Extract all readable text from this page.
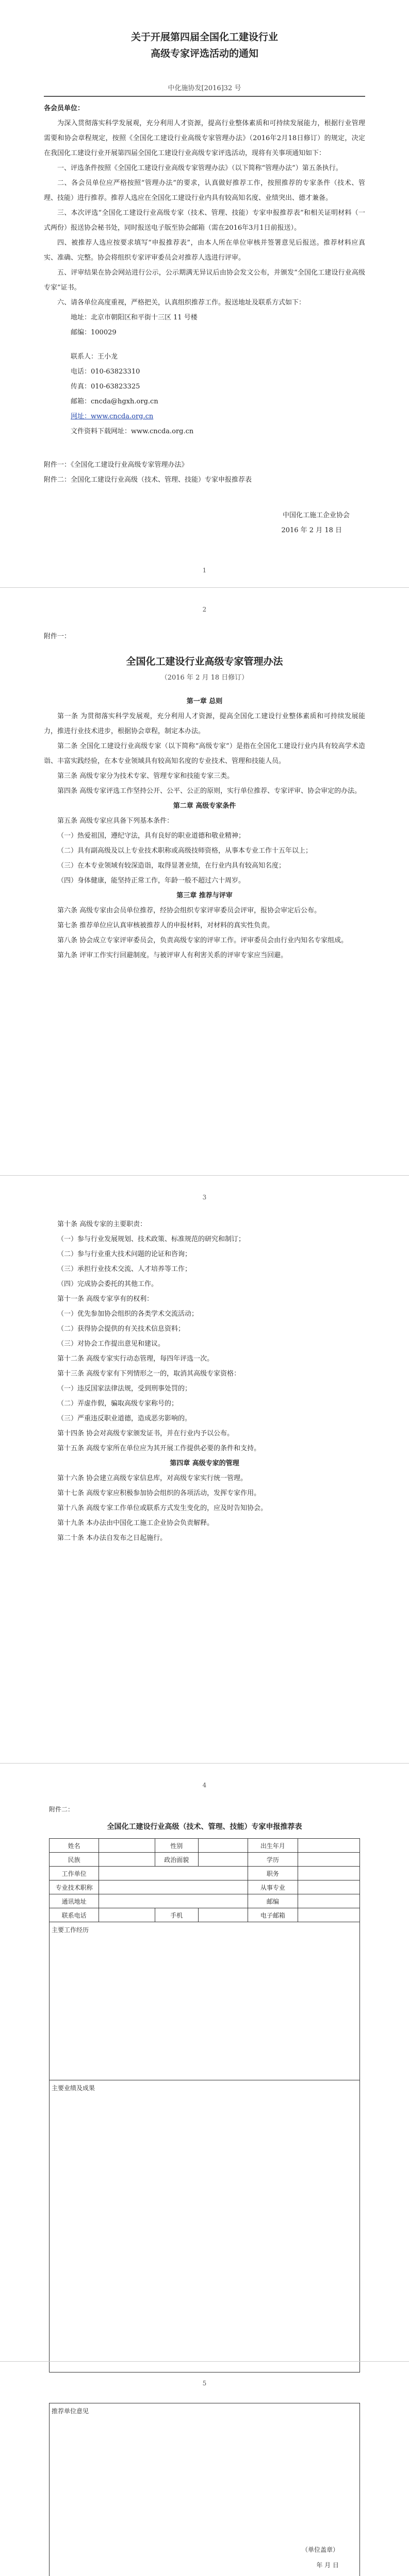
关于开展第四届全国化工建设行业
高级专家评选活动的通知
中化施协发[2016]32 号

各会员单位：

为深入贯彻落实科学发展观，充分利用人才资源，提高行业整体素质和可持续发展能力，根据行业管理需要和协会章程规定，按照《全国化工建设行业高级专家管理办法》（2016年2月18日修订）的规定，决定在我国化工建设行业开展第四届全国化工建设行业高级专家评选活动，现将有关事项通知如下：

一、评选条件按照《全国化工建设行业高级专家管理办法》（以下简称“管理办法”）第五条执行。

二、各会员单位应严格按照“管理办法”的要求，认真做好推荐工作，按照推荐的专家条件（技术、管理、技能）进行推荐。推荐人选应在全国化工建设行业内具有较高知名度、业绩突出、德才兼备。

三、本次评选“全国化工建设行业高级专家（技术、管理、技能）专家申报推荐表”和相关证明材料（一式两份）报送协会秘书处，同时报送电子版至协会邮箱（需在2016年3月1日前报送）。

四、被推荐人选应按要求填写“申报推荐表”，由本人所在单位审核并签署意见后报送。推荐材料应真实、准确、完整。协会将组织专家评审委员会对推荐人选进行评审。

五、评审结果在协会网站进行公示，公示期满无异议后由协会发文公布，并颁发“全国化工建设行业高级专家”证书。

六、请各单位高度重视，严格把关，认真组织推荐工作。报送地址及联系方式如下：

地址：北京市朝阳区和平街十三区 11 号楼

邮编：100029

联系人：王小龙

电话：010-63823310

传真：010-63823325

邮箱：cncda@hgxh.org.cn

网址：www.cncda.org.cn

文件资料下载网址：www.cncda.org.cn

附件一：《全国化工建设行业高级专家管理办法》

附件二：全国化工建设行业高级（技术、管理、技能）专家申报推荐表

中国化工施工企业协会

2016 年 2 月 18 日

1
2

附件一：

全国化工建设行业高级专家管理办法
（2016 年 2 月 18 日修订）

第一章 总则

第一条 为贯彻落实科学发展观，充分利用人才资源，提高全国化工建设行业整体素质和可持续发展能力，推进行业技术进步，根据协会章程，制定本办法。

第二条 全国化工建设行业高级专家（以下简称“高级专家”）是指在全国化工建设行业内具有较高学术造诣、丰富实践经验，在本专业领域具有较高知名度的专业技术、管理和技能人员。

第三条 高级专家分为技术专家、管理专家和技能专家三类。

第四条 高级专家评选工作坚持公开、公平、公正的原则，实行单位推荐、专家评审、协会审定的办法。

第二章 高级专家条件

第五条 高级专家应具备下列基本条件：

（一）热爱祖国，遵纪守法，具有良好的职业道德和敬业精神；

（二）具有副高级及以上专业技术职称或高级技师资格，从事本专业工作十五年以上；

（三）在本专业领域有较深造诣，取得显著业绩，在行业内具有较高知名度；

（四）身体健康，能坚持正常工作，年龄一般不超过六十周岁。

第三章 推荐与评审

第六条 高级专家由会员单位推荐，经协会组织专家评审委员会评审，报协会审定后公布。

第七条 推荐单位应认真审核被推荐人的申报材料，对材料的真实性负责。

第八条 协会成立专家评审委员会，负责高级专家的评审工作。评审委员会由行业内知名专家组成。

第九条 评审工作实行回避制度。与被评审人有利害关系的评审专家应当回避。

3

第十条 高级专家的主要职责：

（一）参与行业发展规划、技术政策、标准规范的研究和制订；

（二）参与行业重大技术问题的论证和咨询；

（三）承担行业技术交流、人才培养等工作；

（四）完成协会委托的其他工作。

第十一条 高级专家享有的权利：

（一）优先参加协会组织的各类学术交流活动；

（二）获得协会提供的有关技术信息资料；

（三）对协会工作提出意见和建议。

第十二条 高级专家实行动态管理，每四年评选一次。

第十三条 高级专家有下列情形之一的，取消其高级专家资格：

（一）违反国家法律法规，受到刑事处罚的；

（二）弄虚作假，骗取高级专家称号的；

（三）严重违反职业道德，造成恶劣影响的。

第十四条 协会对高级专家颁发证书，并在行业内予以公布。

第十五条 高级专家所在单位应为其开展工作提供必要的条件和支持。

第四章 高级专家的管理

第十六条 协会建立高级专家信息库，对高级专家实行统一管理。

第十七条 高级专家应积极参加协会组织的各项活动，发挥专家作用。

第十八条 高级专家工作单位或联系方式发生变化的，应及时告知协会。

第十九条 本办法由中国化工施工企业协会负责解释。

第二十条 本办法自发布之日起施行。

4
附件二：
全国化工建设行业高级（技术、管理、技能）专家申报推荐表
姓名		性别		出生年月	
民族		政治面貌		学历	
工作单位				职务	
专业技术职称				从事专业	
通讯地址				邮编	
联系电话		手机		电子邮箱	
主要工作经历					
主要业绩及成果					
5
推荐单位意见
（单位盖章）
年 月 日
